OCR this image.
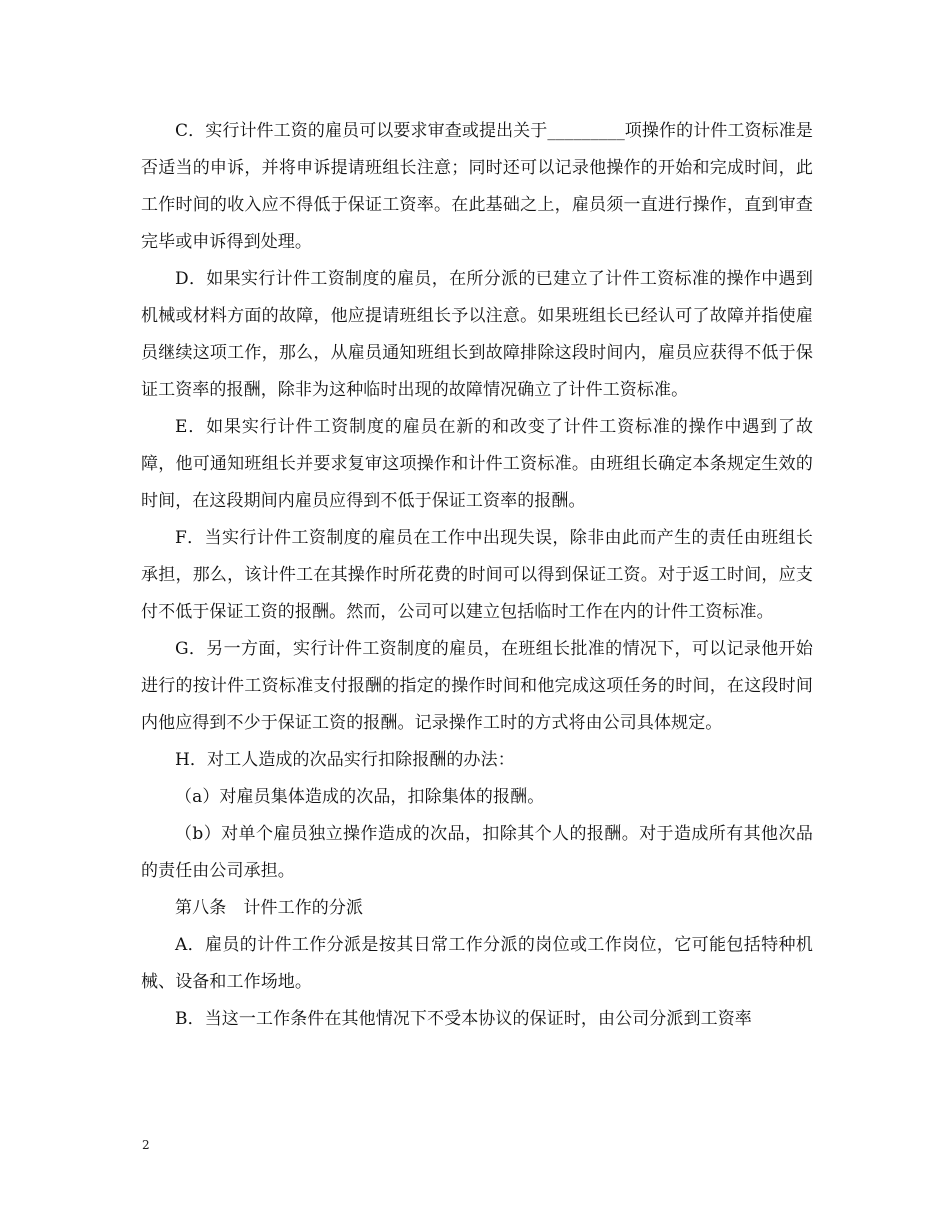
C．实行计件工资的雇员可以要求审查或提出关于_________项操作的计件工资标准是否适当的申诉，并将申诉提请班组长注意；同时还可以记录他操作的开始和完成时间，此工作时间的收入应不得低于保证工资率。在此基础之上，雇员须一直进行操作，直到审查完毕或申诉得到处理。

D．如果实行计件工资制度的雇员，在所分派的已建立了计件工资标准的操作中遇到机械或材料方面的故障，他应提请班组长予以注意。如果班组长已经认可了故障并指使雇员继续这项工作，那么，从雇员通知班组长到故障排除这段时间内，雇员应获得不低于保证工资率的报酬，除非为这种临时出现的故障情况确立了计件工资标准。

E．如果实行计件工资制度的雇员在新的和改变了计件工资标准的操作中遇到了故障，他可通知班组长并要求复审这项操作和计件工资标准。由班组长确定本条规定生效的时间，在这段期间内雇员应得到不低于保证工资率的报酬。

F．当实行计件工资制度的雇员在工作中出现失误，除非由此而产生的责任由班组长承担，那么，该计件工在其操作时所花费的时间可以得到保证工资。对于返工时间，应支付不低于保证工资的报酬。然而，公司可以建立包括临时工作在内的计件工资标准。

G．另一方面，实行计件工资制度的雇员，在班组长批准的情况下，可以记录他开始进行的按计件工资标准支付报酬的指定的操作时间和他完成这项任务的时间，在这段时间内他应得到不少于保证工资的报酬。记录操作工时的方式将由公司具体规定。

H．对工人造成的次品实行扣除报酬的办法：

（a）对雇员集体造成的次品，扣除集体的报酬。

（b）对单个雇员独立操作造成的次品，扣除其个人的报酬。对于造成所有其他次品的责任由公司承担。

第八条　计件工作的分派

A．雇员的计件工作分派是按其日常工作分派的岗位或工作岗位，它可能包括特种机械、设备和工作场地。

B．当这一工作条件在其他情况下不受本协议的保证时，由公司分派到工资率

2
